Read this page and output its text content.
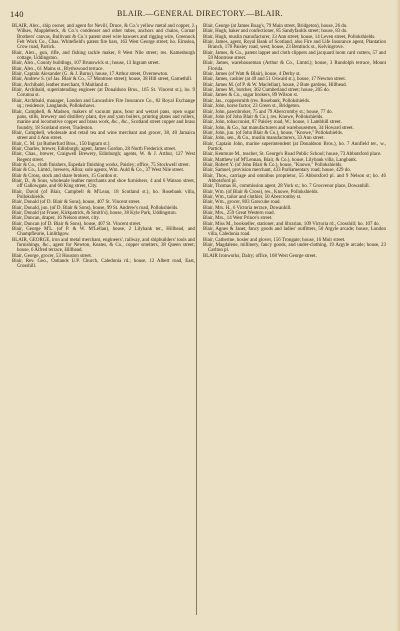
140	BLAIR.—GENERAL DIRECTORY.—BLAIR.

BLAIR, Alex., ship owner, and agent for Nevill, Druce, & Co.'s yellow metal and copper, J. Wilkes, Mapplebeck, & Co.'s condenser and other tubes, anchors and chains, Cornar Brothers' canvas, Bullivant & Co.'s patent steel wire hawsers and rigging wire, Greenock Felt Work Co., Chas. Whitefield's patent fire bars, 163 West George street; ho. Elmslea, Crow road, Partick.

Blair, Alex., gun, rifle, and fishing tackle maker, 8 West Nile street; res. Kamesburgh cottage, Uddingston.

Blair, Alex., County buildings, 107 Brunswick st.; house, 13 Ingram street.

Blair, Alex., 61 Mains st., Blythswood terrace.

Blair, Captain Alexander (G. & J. Burns), house, 17 Arthur street, Overnewton.

Blair, Andrew S. (of Jas. Blair & Co., 57 Montrose street); house, 38 Hill street, Garnethill.

Blair, Archibald, leather merchant, 9 Maitland st.

Blair, Archibald, superintending engineer (at Donaldson Bros., 165 St. Vincent st.), ho. 9 Corunna st.

Blair, Archibald, manager, London and Lancashire Fire Insurance Co., 82 Royal Exchange sq.; residence, Langlands, Pollokshaws.

Blair, Campbell, & Madsen, makers of vacuum pans, bour and wetzel pans, open sugar pans, stills, brewery and distillery plant, dye and yarn boilers, printing plates and rollers, marine and locomotive copper and brass work, &c., &c., Scotland street copper and brass foundry, 18 Scotland street, Tradeston.

Blair, Campbell, wholesale and retail tea and wine merchant and grocer, 38, 40 Jamaica street and 4 Ann street.

Blair, C. M. (at Rutherfurd Bros., 150 Ingram st.)

Blair, Charles, brewer, Edinburgh; agent, James Gordon, 28 North Frederick street.

Blair, Chas., brewer, Craigwell Brewery, Edinburgh; agents, W. & J. Arthur, 127 West Regent street.

Blair & Co., cloth finishers, Espedair finishing works, Paisley; office, 75 Stockwell street.

Blair & Co., Limtd., brewers, Alloa; sole agents, Wm. Auld & Co., 37 West Nile street.

Blair & Cross, stock and share brokers, 15 Gordon st.

Blair, D., & Sons, wholesale leather merchants and shoe furnishers, 4 and 6 Watson street, off Gallowgate, and 60 King street, City.

Blair, David (of Blair, Campbell & M'Lean, 18 Scotland st.), ho. Rosebank villa, Pollokshields.

Blair, Donald (of D. Blair & Sons), house, 407 St. Vincent street.

Blair, Donald, jun. (of D. Blair & Sons), house, 99 St. Andrew's road, Pollokshields.

Blair, Donald (at Fraser, Kirkpatrick, & Smith's), house, 38 Kyle Park, Uddingston.

Blair, Duncan, draper, 16 Nelson street, city.

Blair, Duncan (of D. Blair & Sons), house, 407 St. Vincent street.

Blair, George M'L. (of P. & W. M'Lellan), house, 2 Lilybank ter., Hillhead, and Champfleurie, Linlithgow.

BLAIR, GEORGE, iron and metal merchant, engineers', railway, and shipbuilders' tools and furnishings, &c., agent for Newton, Keates, & Co., copper smelters, 38 Queen street; house, 6 Alfred terrace, Hillhead.

Blair, George, grocer, 53 Houston street.

Blair, Rev. Geo., Oatlands U.P. Church, Caledonia rd.; house, 12 Albert road, East, Crosshill.

Blair, George (at James Boag's, 79 Main street, Bridgeton), house, 26 do.

Blair, Hugh, baker and confectioner, 85 Sandyfaulds street; house, 83 do.

Blair, Hugh, muslin manufacturer, 33 Ann street; house, 14 Leven street, Pollokshields.

Blair, James, agent, Royal Bank of Scotland, also Fire and Life Insurance agent, Plantation Branch, 178 Paisley road, west; house, 23 Bentinck st., Kelvingrove.

Blair, James, & Co., patent lappet and cloth clippers and jacquard loom card cutters, 57 and 59 Montrose street.

Blair, James, warehouseman (Arthur & Co., Limtd.); house, 3 Rundolph terrace, Mount Florida.

Blair, James (of Watt & Blair), house, 4 Derby st.

Blair, James, cashier (at 49 and 51 Oswald st.), house, 17 Newton street.

Blair, James M. (of P. & W. Maclellan), house, 2 Bute gardens, Hillhead.

Blair, James M., butcher, 362 Cumberland street; house, 205 do.

Blair, James & Co., sugar brokers, 89 Wilson st.

Blair, Jas., coppersmith (res. Rosebank, Pollokshields.

Blair, John, horse factor, 23 Green st., Bridgeton.

Blair, John, pawnbroker, 75 and 79 Abercromby st.; house, 77 do.

Blair, John (of John Blair & Co.), res. Knowe, Pollokshields.

Blair, John, tobacconist, 87 Paisley road, W.; house, 1 Lambhill street.

Blair, John, & Co., hat manufacturers and warehousemen, 34 Howard street.

Blair, John, jun. (of John Blair & Co.), house, "Knowe," Pollokshields.

Blair, John, sen., & Co., muslin manufacturers, 33 Ann street.

Blair, Captain John, marine superintendent (at Donaldson Bros.), ho. 7 Annfield ter., w., Partick.

Blair, Kenmure M., teacher, St. George's Road Public School; house, 73 Abbotsford place.

Blair, Matthew (of M'Lennan, Blair, & Co.), house, Lilybank villa, Langbank.

Blair, Robert Y. (of John Blair & Co.), house, "Knowe," Pollokshields.

Blair, Samuel, provision merchant, 433 Parliamentary road; house, 429 do.

Blair, Thos., carriage and omnibus proprietor, 55 Abbotsford pl. and 9 Nelson st; ho. 46 Abbotsford pl.

Blair, Thomas H., commission agent, 28 York st.; ho. 7 Grosvenor place, Dowanhill.

Blair, Wm. (of Blair & Cross), res., Knowe, Pollokshields.

Blair, Wm., tailor and clothier, 50 Abercromby st.

Blair, Wm., grocer, 803 Garscube road.

Blair, Mrs. H., 6 Victoria terrace, Dowanhill.

Blair, Mrs., 259 Great Western road.

Blair, Mrs., 14 West Prince's street.

Blair, Miss M., bookseller, stationer, and librarian, 109 Victoria rd., Crosshill; ho. 107 do.

Blair, Agnes & Janet, fancy goods and ladies' outfitters, 50 Argyle arcade; house, London villa, Caledonia road.

Blair, Catherine, hosier and glover, 156 Trongate; house, 16 Moir street.

Blair, Magdalene, millinery, fancy goods, and under-clothing, 19 Argyle arcade; house, 23 Carlton pl.

BLAIR Ironworks, Dalry; office, 168 West George street.
